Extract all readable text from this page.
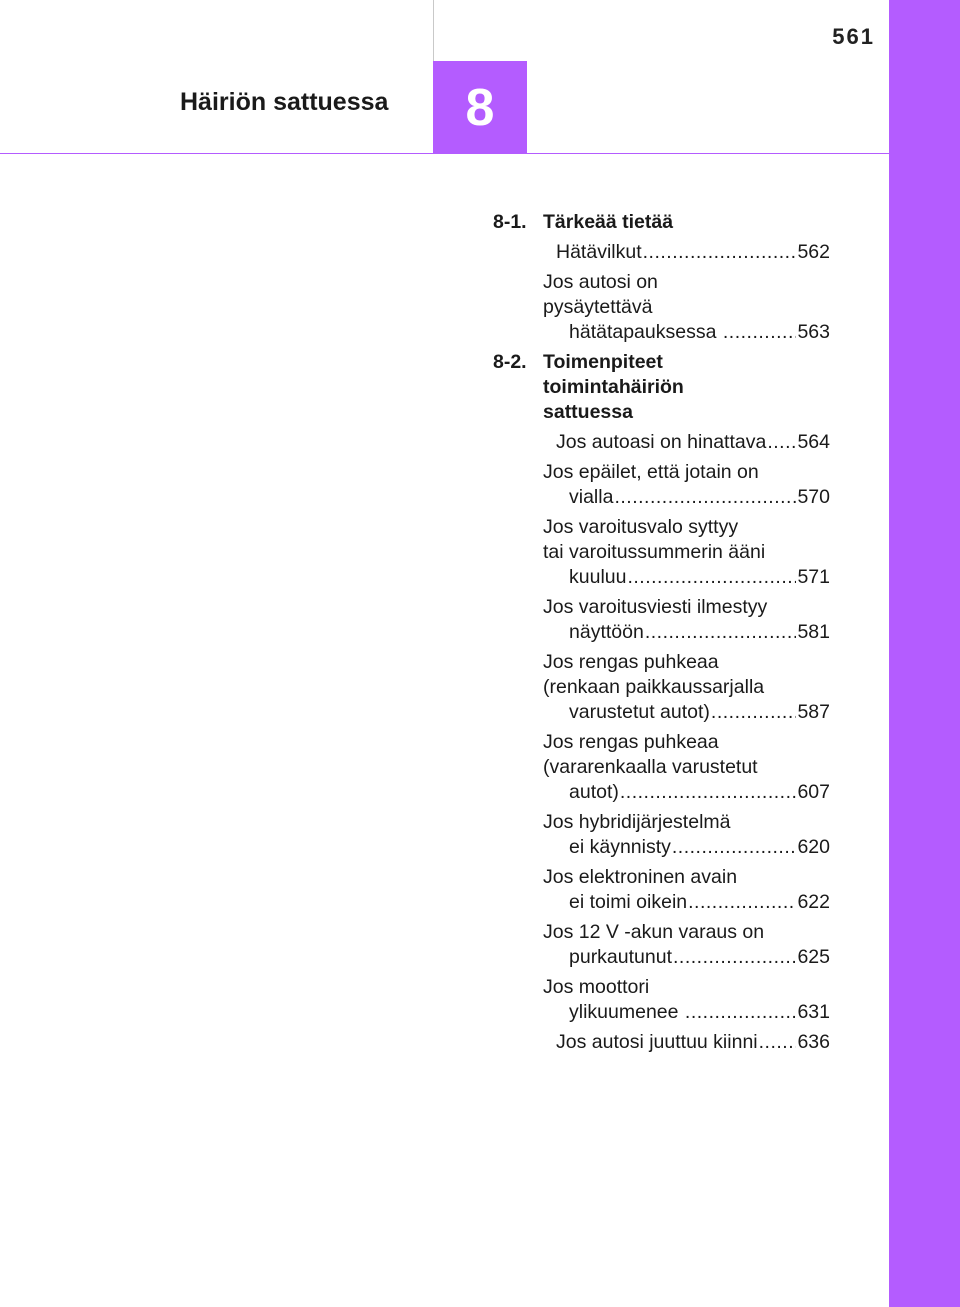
561
Häiriön sattuessa 8
8-1. Tärkeää tietää
Hätävilkut .....	562
Jos autosi on
pysäytettävä
hätätapauksessa .....	563
8-2. Toimenpiteet
toimintahäiriön
sattuessa
Jos autoasi on hinattava ..... 564
Jos epäilet, että jotain on
vialla .....	570
Jos varoitusvalo syttyy
tai varoitussummerin ääni
kuuluu .....	571
Jos varoitusviesti ilmestyy
näyttöön .....	581
Jos rengas puhkeaa
(renkaan paikkaussarjalla
varustetut autot) .....	587
Jos rengas puhkeaa
(vararenkaalla varustetut
autot) .....	607
Jos hybridijärjestelmä
ei käynnisty .....	620
Jos elektroninen avain
ei toimi oikein .....	622
Jos 12 V -akun varaus on
purkautunut .....	625
Jos moottori
ylikuumenee .....	631
Jos autosi juuttuu kiinni ..... 636
